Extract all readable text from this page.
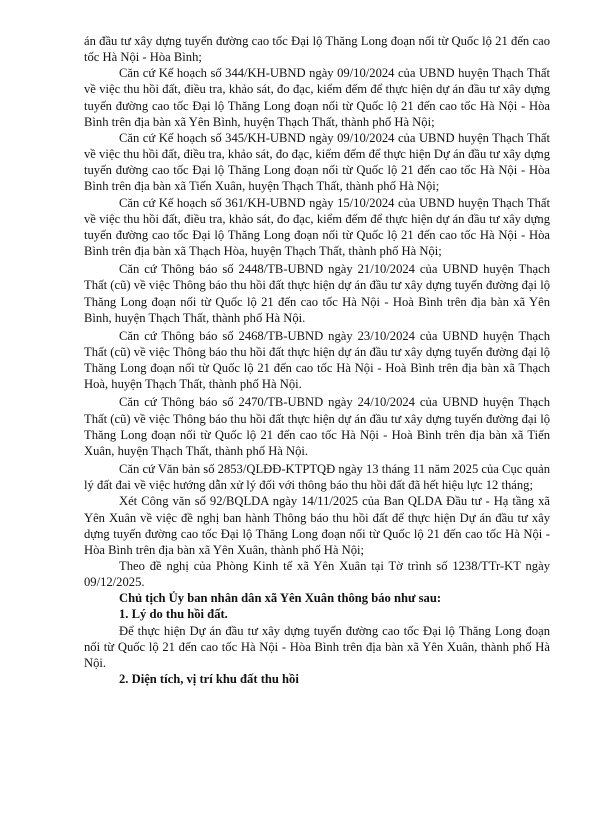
án đầu tư xây dựng tuyến đường cao tốc Đại lộ Thăng Long đoạn nối từ Quốc lộ 21 đến cao tốc Hà Nội - Hòa Bình;

Căn cứ Kế hoạch số 344/KH-UBND ngày 09/10/2024 của UBND huyện Thạch Thất về việc thu hồi đất, điều tra, khảo sát, đo đạc, kiểm đếm để thực hiện dự án đầu tư xây dựng tuyến đường cao tốc Đại lộ Thăng Long đoạn nối từ Quốc lộ 21 đến cao tốc Hà Nội - Hòa Bình trên địa bàn xã Yên Bình, huyện Thạch Thất, thành phố Hà Nội;

Căn cứ Kế hoạch số 345/KH-UBND ngày 09/10/2024 của UBND huyện Thạch Thất về việc thu hồi đất, điều tra, khảo sát, đo đạc, kiểm đếm để thực hiện Dự án đầu tư xây dựng tuyến đường cao tốc Đại lộ Thăng Long đoạn nối từ Quốc lộ 21 đến cao tốc Hà Nội - Hòa Bình trên địa bàn xã Tiến Xuân, huyện Thạch Thất, thành phố Hà Nội;

Căn cứ Kế hoạch số 361/KH-UBND ngày 15/10/2024 của UBND huyện Thạch Thất về việc thu hồi đất, điều tra, khảo sát, đo đạc, kiểm đếm để thực hiện dự án đầu tư xây dựng tuyến đường cao tốc Đại lộ Thăng Long đoạn nối từ Quốc lộ 21 đến cao tốc Hà Nội - Hòa Bình trên địa bàn xã Thạch Hòa, huyện Thạch Thất, thành phố Hà Nội;

Căn cứ Thông báo số 2448/TB-UBND ngày 21/10/2024 của UBND huyện Thạch Thất (cũ) về việc Thông báo thu hồi đất thực hiện dự án đầu tư xây dựng tuyến đường đại lộ Thăng Long đoạn nối từ Quốc lộ 21 đến cao tốc Hà Nội - Hoà Bình trên địa bàn xã Yên Bình, huyện Thạch Thất, thành phố Hà Nội.

Căn cứ Thông báo số 2468/TB-UBND ngày 23/10/2024 của UBND huyện Thạch Thất (cũ) về việc Thông báo thu hồi đất thực hiện dự án đầu tư xây dựng tuyến đường đại lộ Thăng Long đoạn nối từ Quốc lộ 21 đến cao tốc Hà Nội - Hoà Bình trên địa bàn xã Thạch Hoà, huyện Thạch Thất, thành phố Hà Nội.

Căn cứ Thông báo số 2470/TB-UBND ngày 24/10/2024 của UBND huyện Thạch Thất (cũ) về việc Thông báo thu hồi đất thực hiện dự án đầu tư xây dựng tuyến đường đại lộ Thăng Long đoạn nối từ Quốc lộ 21 đến cao tốc Hà Nội - Hoà Bình trên địa bàn xã Tiến Xuân, huyện Thạch Thất, thành phố Hà Nội.

Căn cứ Văn bản số 2853/QLĐĐ-KTPTQĐ ngày 13 tháng 11 năm 2025 của Cục quản lý đất đai về việc hướng dẫn xử lý đối với thông báo thu hồi đất đã hết hiệu lực 12 tháng;

Xét Công văn số 92/BQLDA ngày 14/11/2025 của Ban QLDA Đầu tư - Hạ tầng xã Yên Xuân về việc đề nghị ban hành Thông báo thu hồi đất để thực hiện Dự án đầu tư xây dựng tuyến đường cao tốc Đại lộ Thăng Long đoạn nối từ Quốc lộ 21 đến cao tốc Hà Nội - Hòa Bình trên địa bàn xã Yên Xuân, thành phố Hà Nội;

Theo đề nghị của Phòng Kinh tế xã Yên Xuân tại Tờ trình số 1238/TTr-KT ngày 09/12/2025.

Chủ tịch Ủy ban nhân dân xã Yên Xuân thông báo như sau:

1. Lý do thu hồi đất.

Để thực hiện Dự án đầu tư xây dựng tuyến đường cao tốc Đại lộ Thăng Long đoạn nối từ Quốc lộ 21 đến cao tốc Hà Nội - Hòa Bình trên địa bàn xã Yên Xuân, thành phố Hà Nội.

2. Diện tích, vị trí khu đất thu hồi
